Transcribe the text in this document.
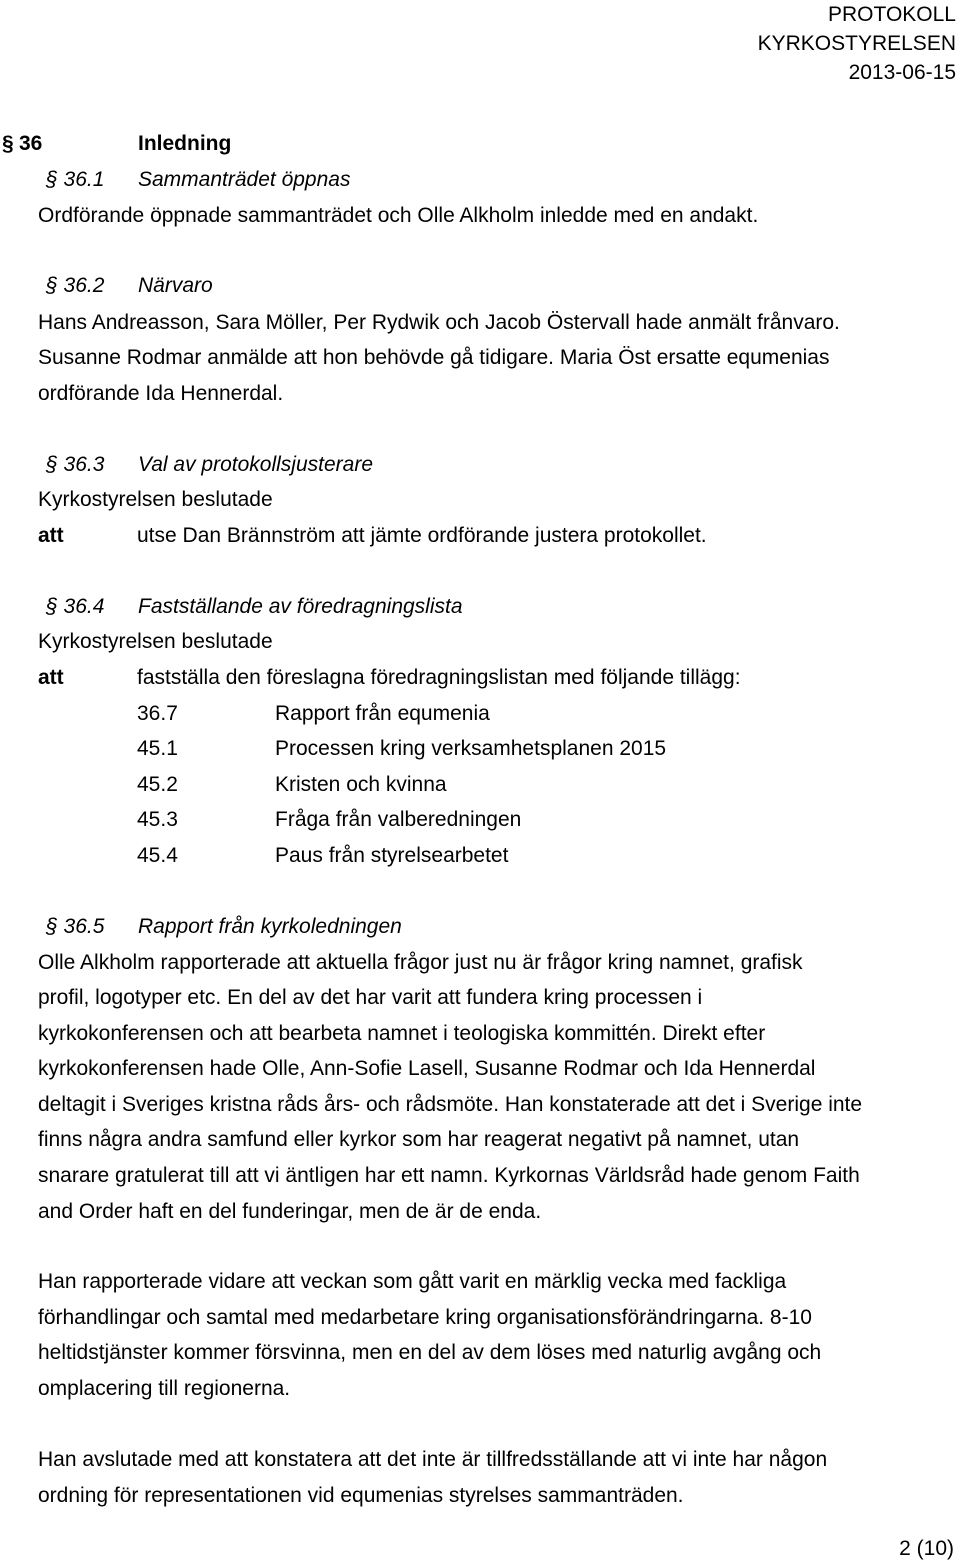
PROTOKOLL
KYRKOSTYRELSEN
2013-06-15
§ 36	Inledning
§ 36.1 Sammanträdet öppnas
Ordförande öppnade sammanträdet och Olle Alkholm inledde med en andakt.
§ 36.2 Närvaro
Hans Andreasson, Sara Möller, Per Rydwik och Jacob Östervall hade anmält frånvaro.
Susanne Rodmar anmälde att hon behövde gå tidigare. Maria Öst ersatte equmenias
ordförande Ida Hennerdal.
§ 36.3 Val av protokollsjusterare
Kyrkostyrelsen beslutade
att	utse Dan Brännström att jämte ordförande justera protokollet.
§ 36.4 Fastställande av föredragningslista
Kyrkostyrelsen beslutade
att	fastställa den föreslagna föredragningslistan med följande tillägg:
36.7	Rapport från equmenia
45.1	Processen kring verksamhetsplanen 2015
45.2	Kristen och kvinna
45.3	Fråga från valberedningen
45.4	Paus från styrelsearbetet
§ 36.5 Rapport från kyrkoledningen
Olle Alkholm rapporterade att aktuella frågor just nu är frågor kring namnet, grafisk
profil, logotyper etc. En del av det har varit att fundera kring processen i
kyrkokonferensen och att bearbeta namnet i teologiska kommittén. Direkt efter
kyrkokonferensen hade Olle, Ann-Sofie Lasell, Susanne Rodmar och Ida Hennerdal
deltagit i Sveriges kristna råds års- och rådsmöte. Han konstaterade att det i Sverige inte
finns några andra samfund eller kyrkor som har reagerat negativt på namnet, utan
snarare gratulerat till att vi äntligen har ett namn. Kyrkornas Världsråd hade genom Faith
and Order haft en del funderingar, men de är de enda.
Han rapporterade vidare att veckan som gått varit en märklig vecka med fackliga
förhandlingar och samtal med medarbetare kring organisationsförändringarna. 8-10
heltidstjänster kommer försvinna, men en del av dem löses med naturlig avgång och
omplacering till regionerna.
Han avslutade med att konstatera att det inte är tillfredsställande att vi inte har någon
ordning för representationen vid equmenias styrelses sammanträden.
2 (10)
